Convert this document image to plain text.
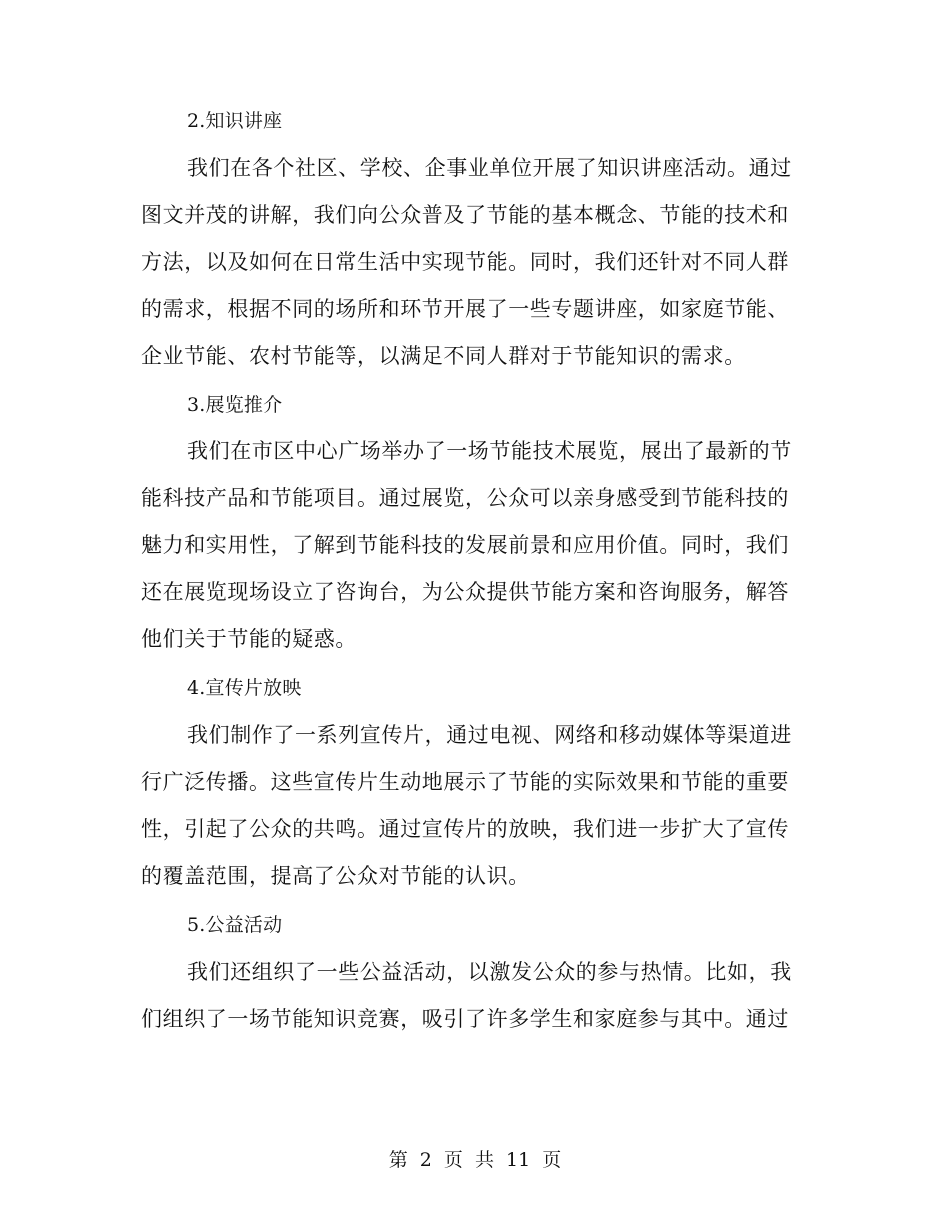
2.知识讲座
我们在各个社区、学校、企事业单位开展了知识讲座活动。通过
图文并茂的讲解，我们向公众普及了节能的基本概念、节能的技术和
方法，以及如何在日常生活中实现节能。同时，我们还针对不同人群
的需求，根据不同的场所和环节开展了一些专题讲座，如家庭节能、
企业节能、农村节能等，以满足不同人群对于节能知识的需求。
3.展览推介
我们在市区中心广场举办了一场节能技术展览，展出了最新的节
能科技产品和节能项目。通过展览，公众可以亲身感受到节能科技的
魅力和实用性，了解到节能科技的发展前景和应用价值。同时，我们
还在展览现场设立了咨询台，为公众提供节能方案和咨询服务，解答
他们关于节能的疑惑。
4.宣传片放映
我们制作了一系列宣传片，通过电视、网络和移动媒体等渠道进
行广泛传播。这些宣传片生动地展示了节能的实际效果和节能的重要
性，引起了公众的共鸣。通过宣传片的放映，我们进一步扩大了宣传
的覆盖范围，提高了公众对节能的认识。
5.公益活动
我们还组织了一些公益活动，以激发公众的参与热情。比如，我
们组织了一场节能知识竞赛，吸引了许多学生和家庭参与其中。通过
第 2 页 共 11 页
